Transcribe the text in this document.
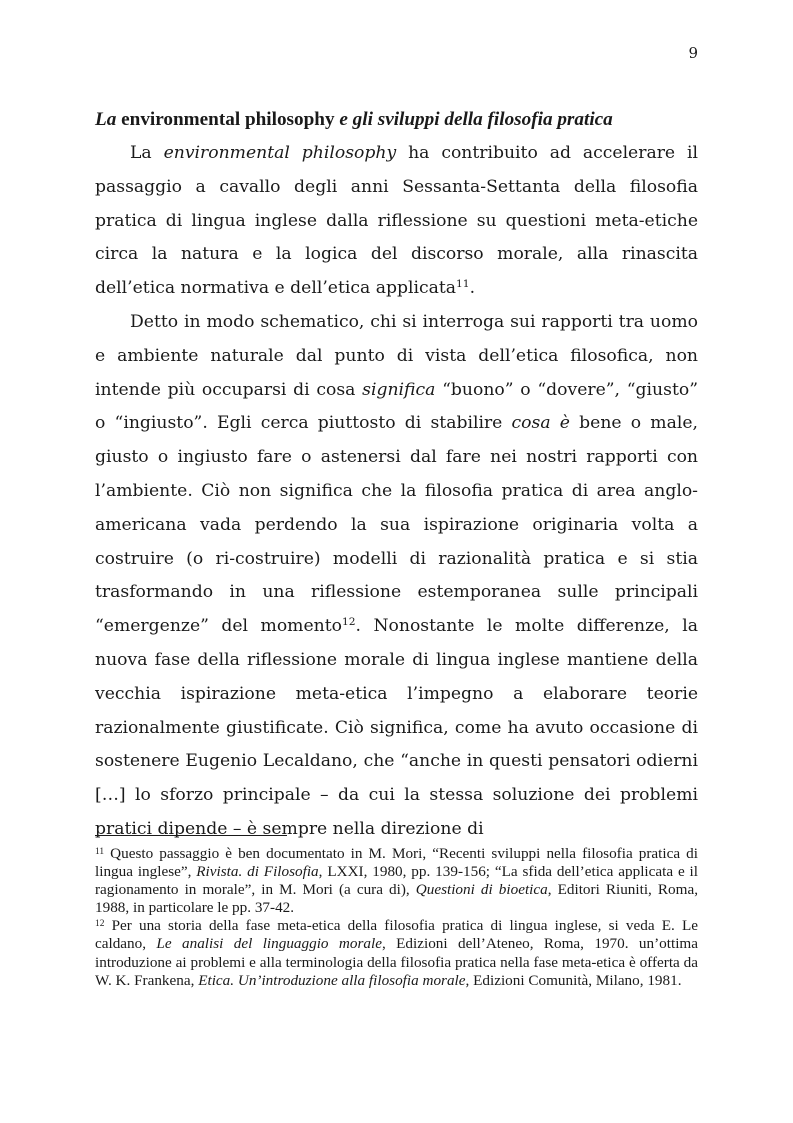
9
La environmental philosophy e gli sviluppi della filosofia pratica

La environmental philosophy ha contribuito ad accelerare il passaggio a cavallo degli anni Sessanta-Settanta della filosofia pratica di lingua inglese dalla riflessione su questioni meta-etiche circa la natura e la logica del discorso morale, alla rinascita dell’etica normativa e dell’etica applicata$^{11}$.

Detto in modo schematico, chi si interroga sui rapporti tra uomo e ambiente naturale dal punto di vista dell’etica filosofica, non intende più occuparsi di cosa significa “buono” o “dovere”, “giusto” o “ingiusto”. Egli cerca piuttosto di stabilire cosa è bene o male, giusto o ingiusto fare o astenersi dal fare nei nostri rapporti con l’ambiente. Ciò non significa che la filosofia pratica di area anglo-americana vada perdendo la sua ispirazione originaria volta a costruire (o ri-costruire) modelli di razionalità pratica e si stia trasformando in una riflessione estemporanea sulle principali “emergenze” del momento$^{12}$. Nonostante le molte differenze, la nuova fase della riflessione morale di lingua inglese mantiene della vecchia ispirazione meta-etica l’impegno a elaborare teorie razionalmente giustificate. Ciò significa, come ha avuto occasione di sostenere Eugenio Lecaldano, che “anche in questi pensatori odierni […] lo sforzo principale – da cui la stessa soluzione dei problemi pratici dipende – è sempre nella direzione di

$^{11}$ Questo passaggio è ben documentato in M. Mori, “Recenti sviluppi nella filosofia pratica di lingua inglese”, Rivista. di Filosofia, LXXI, 1980, pp. 139-156; “La sfida dell’etica applicata e il ragionamento in morale”, in M. Mori (a cura di), Questioni di bioetica, Editori Riuniti, Roma, 1988, in particolare le pp. 37-42.

$^{12}$ Per una storia della fase meta-etica della filosofia pratica di lingua inglese, si veda E. Le caldano, Le analisi del linguaggio morale, Edizioni dell’Ateneo, Roma, 1970. un’ottima introduzione ai problemi e alla terminologia della filosofia pratica nella fase meta-etica è offerta da W. K. Frankena, Etica. Un’introduzione alla filosofia morale, Edizioni Comunità, Milano, 1981.
